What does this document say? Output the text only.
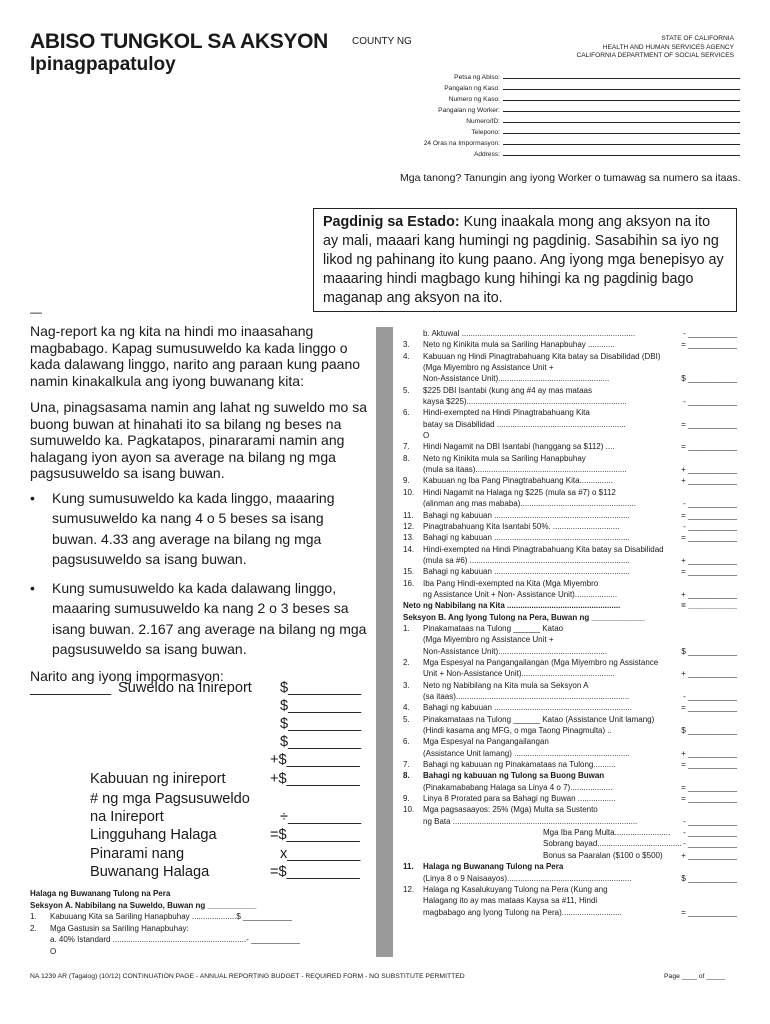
ABISO TUNGKOL SA AKSYON
Ipinagpapatuloy
COUNTY NG	STATE OF CALIFORNIA
HEALTH AND HUMAN SERVICES AGENCY
CALIFORNIA DEPARTMENT OF SOCIAL SERVICES
Petsa ng Abiso:
Pangalan ng Kaso:
Numero ng Kaso:
Pangalan ng Worker:
Numero/ID:
Telepono:
24 Oras na Impormasyon:
Address:
Mga tanong? Tanungin ang iyong Worker o tumawag sa numero sa itaas.
Pagdinig sa Estado: Kung inaakala mong ang aksyon na ito ay mali, maaari kang humingi ng pagdinig. Sasabihin sa iyo ng likod ng pahinang ito kung paano. Ang iyong mga benepisyo ay maaaring hindi magbago kung hihingi ka ng pagdinig bago maganap ang aksyon na ito.
—

Nag-report ka ng kita na hindi mo inaasahang magbabago. Kapag sumusuweldo ka kada linggo o kada dalawang linggo, narito ang paraan kung paano namin kinakalkula ang iyong buwanang kita:

Una, pinagsasama namin ang lahat ng suweldo mo sa buong buwan at hinahati ito sa bilang ng beses na sumuweldo ka. Pagkatapos, pinararami namin ang halagang iyon ayon sa average na bilang ng mga pagsusuweldo sa isang buwan.

•	Kung sumusuweldo ka kada linggo, maaaring sumusuweldo ka nang 4 o 5 beses sa isang buwan. 4.33 ang average na bilang ng mga pagsusuweldo sa isang buwan.
•	Kung sumusuweldo ka kada dalawang linggo, maaaring sumusuweldo ka nang 2 o 3 beses sa isang buwan. 2.167 ang average na bilang ng mga pagsusuweldo sa isang buwan.
Narito ang iyong impormasyon:
__________ Suweldo na Inireport $_________
$_________
$_________
$_________
+$_________
Kabuuan ng inireport	+$_________
# ng mga Pagsusuweldo
na Inireport	÷_________
Lingguhang Halaga	=$_________
Pinarami nang	x_________
Buwanang Halaga	=$_________
Halaga ng Buwanang Tulong na Pera
Seksyon A. Nabibilang na Suweldo, Buwan ng ___________
1.	Kabuuang Kita sa Sariling Hanapbuhay .................... $ ___________
2.	Mga Gastusin sa Sariling Hanapbuhay:
a. 40% Istandard ............................................................ - ___________
O
b. Aktuwal ..............................................................................	- ___________
3.	Neto ng Kinikita mula sa Sariling Hanapbuhay ............	= ___________
4.	Kabuuan ng Hindi Pinagtrabahuang Kita batay sa Disabilidad (DBI)
(Mga Miyembro ng Assistance Unit +
Non-Assistance Unit)..................................................	$ ___________
5.	$225 DBI Isantabi (kung ang #4 ay mas mataas
kaysa $225)........................................................................	- ___________
6.	Hindi-exempted na Hindi Pinagtrabahuang Kita
batay sa Disabilidad ..........................................................	= ___________
O
7.	Hindi Nagamit na DBI Isantabi (hanggang sa $112) ....	= ___________
8.	Neto ng Kinikita mula sa Sariling Hanapbuhay
(mula sa itaas)....................................................................	+ ___________
9.	Kabuuan ng Iba Pang Pinagtrabahuang Kita...............	+ ___________
10.	Hindi Nagamit na Halaga ng $225 (mula sa #7) o $112
(alinman ang mas mababa)....................................................	- ___________
11.	Bahagi ng kabuuan .............................................................	= ___________
12.	Pinagtrabahuang Kita Isantabi 50%. ..............................	- ___________
13.	Bahagi ng kabuuan .............................................................	= ___________
14.	Hindi-exempted na Hindi Pinagtrabahuang Kita batay sa Disabilidad
(mula sa #6) ........................................................................	+ ___________
15.	Bahagi ng kabuuan .............................................................	= ___________
16.	Iba Pang Hindi-exempted na Kita (Mga Miyembro
ng Assistance Unit + Non- Assistance Unit)...................	+ ___________
Neto ng Nabibilang na Kita ...................................................	= ___________
Seksyon B. Ang Iyong Tulong na Pera, Buwan ng ____________
1.	Pinakamataas na Tulong ______ Katao
(Mga Miyembro ng Assistance Unit +
Non-Assistance Unit).................................................	$ ___________
2.	Mga Espesyal na Pangangailangan (Mga Miyembro ng Assistance
Unit + Non-Assistance Unit)..........................................	+ ___________
3.	Neto ng Nabibilang na Kita mula sa Seksyon A
(sa itaas)..............................................................................	- ___________
4.	Bahagi ng kabuuan ..............................................................	= ___________
5.	Pinakamataas na Tulong ______ Katao (Assistance Unit lamang)
(Hindi kasama ang MFG, o mga Taong Pinagmulta) ..	$ ___________
6.	Mga Espesyal na Pangangailangan
(Assistance Unit lamang) ....................................................	+ ___________
7.	Bahagi ng kabuuan ng Pinakamataas na Tulong..........	= ___________
8.	Bahagi ng kabuuan ng Tulong sa Buong Buwan
(Pinakamababang Halaga sa Linya 4 o 7)...................	= ___________
9.	Linya 8 Prorated para sa Bahagi ng Buwan .................	= ___________
10.	Mga pagsasaayos: 25% (Mga) Multa sa Sustento
ng Bata ...................................................................................	- ___________
Mga Iba Pang Multa.........................	- ___________
Sobrang bayad...................................... - ___________
Bonus sa Paaralan ($100 o $500)	+ ___________
11.	Halaga ng Buwanang Tulong na Pera
(Linya 8 o 9 Naisaayos)........................................................	$ ___________
12.	Halaga ng Kasalukuyang Tulong na Pera (Kung ang
Halagang ito ay mas mataas Kaysa sa #11, Hindi
magbabago ang Iyong Tulong na Pera)...........................	= ___________
NA 1239 AR (Tagalog) (10/12) CONTINUATION PAGE - ANNUAL REPORTING BUDGET - REQUIRED FORM - NO SUBSTITUTE PERMITTED	Page ____ of _____
